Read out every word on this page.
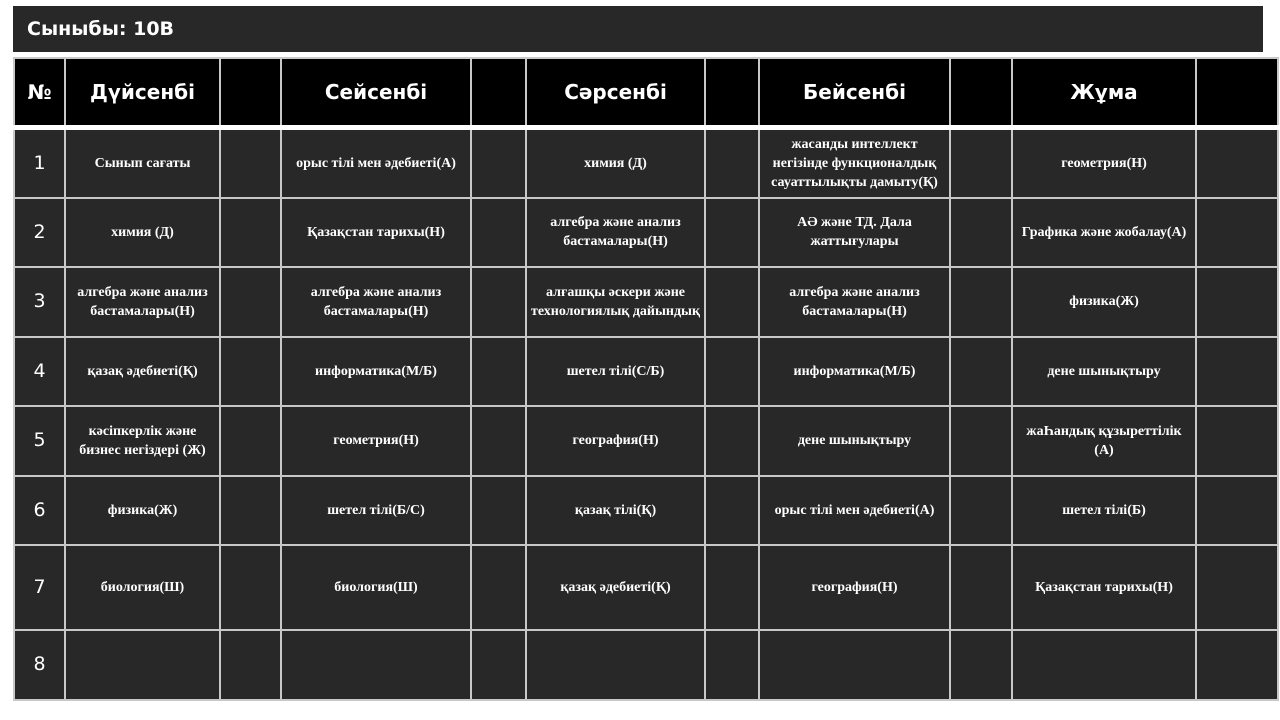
Сыныбы: 10В
№	Дүйсенбі		Сейсенбі		Сәрсенбі		Бейсенбі		Жұма	
1	Сынып сағаты		орыс тілі мен әдебиеті(А)		химия (Д)		жасанды интеллект негізінде функционалдық сауаттылықты дамыту(Қ)		геометрия(Н)	
2	химия (Д)		Қазақстан тарихы(Н)		алгебра және анализ бастамалары(Н)		АӘ және ТД. Дала жаттығулары		Графика және жобалау(А)	
3	алгебра және анализ бастамалары(Н)		алгебра және анализ бастамалары(Н)		алғашқы әскери және технологиялық дайындық		алгебра және анализ бастамалары(Н)		физика(Ж)	
4	қазақ әдебиеті(Қ)		информатика(М/Б)		шетел тілі(С/Б)		информатика(М/Б)		дене шынықтыру	
5	кәсіпкерлік және бизнес негіздері (Ж)		геометрия(Н)		география(Н)		дене шынықтыру		жаҺандық құзыреттілік (А)	
6	физика(Ж)		шетел тілі(Б/С)		қазақ тілі(Қ)		орыс тілі мен әдебиеті(А)		шетел тілі(Б)	
7	биология(Ш)		биология(Ш)		қазақ әдебиеті(Қ)		география(Н)		Қазақстан тарихы(Н)	
8										
